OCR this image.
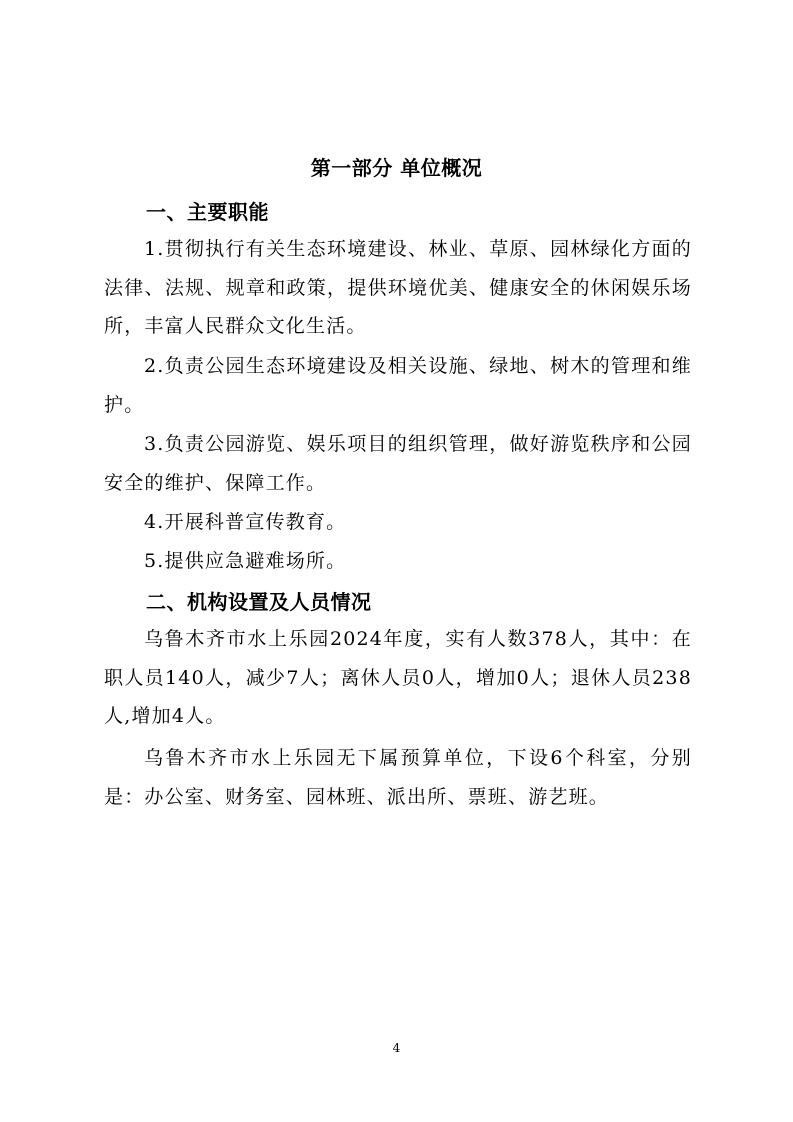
第一部分 单位概况
一、主要职能

1.贯彻执行有关生态环境建设、林业、草原、园林绿化方面的法律、法规、规章和政策，提供环境优美、健康安全的休闲娱乐场所，丰富人民群众文化生活。

2.负责公园生态环境建设及相关设施、绿地、树木的管理和维护。

3.负责公园游览、娱乐项目的组织管理，做好游览秩序和公园安全的维护、保障工作。

4.开展科普宣传教育。

5.提供应急避难场所。

二、机构设置及人员情况

乌鲁木齐市水上乐园2024年度，实有人数378人，其中：在职人员140人，减少7人；离休人员0人，增加0人；退休人员238人,增加4人。

乌鲁木齐市水上乐园无下属预算单位，下设6个科室，分别是：办公室、财务室、园林班、派出所、票班、游艺班。

4
